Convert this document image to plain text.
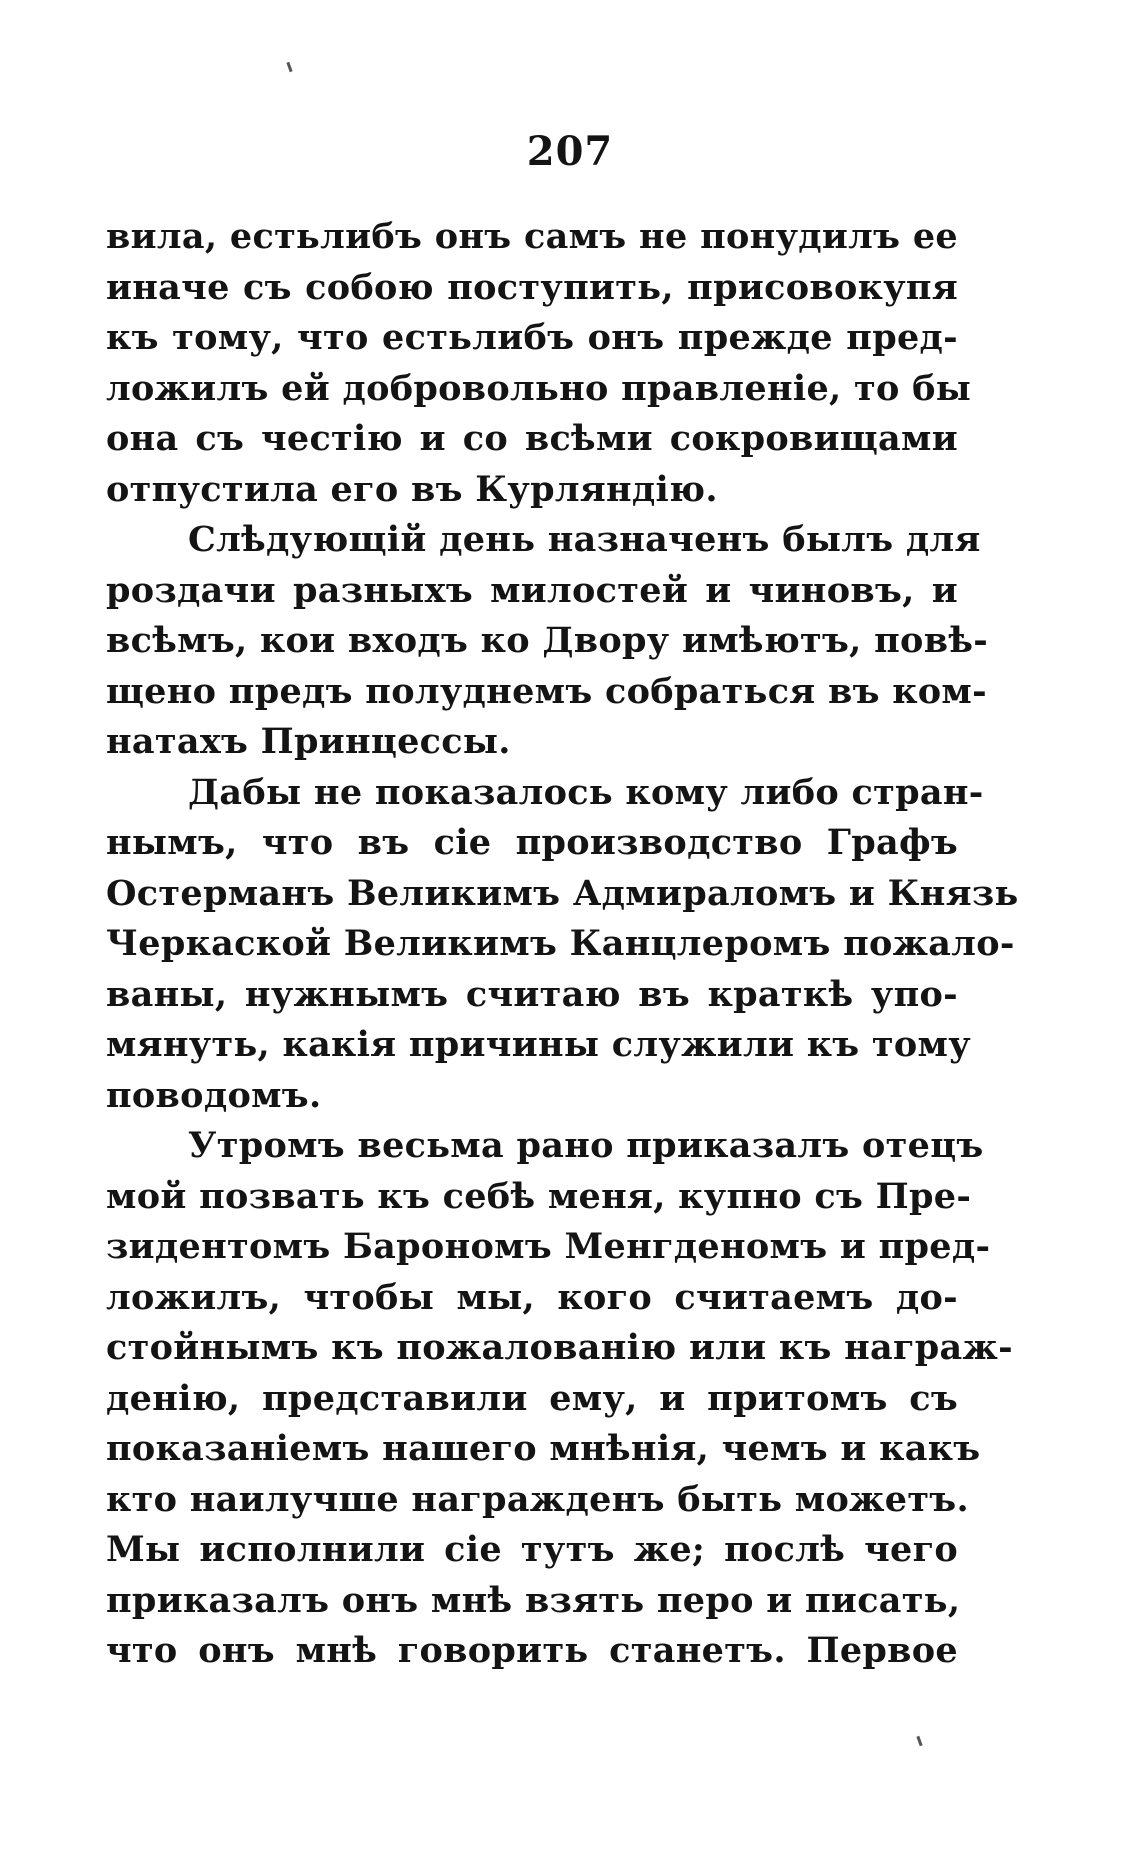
207
вила, естьлибъ онъ самъ не понудилъ ее
иначе съ собою поступить, присовокупя
къ тому, что естьлибъ онъ прежде пред-
ложилъ ей добровольно правленіе, то бы
она съ честію и со всѣми сокровищами
отпустила его въ Курляндію.
Слѣдующій день назначенъ былъ для
роздачи разныхъ милостей и чиновъ, и
всѣмъ, кои входъ ко Двору имѣютъ, повѣ-
щено предъ полуднемъ собраться въ ком-
натахъ Принцессы.
Дабы не показалось кому либо стран-
нымъ, что въ сіе производство Графъ
Остерманъ Великимъ Адмираломъ и Князь
Черкаской Великимъ Канцлеромъ пожало-
ваны, нужнымъ считаю въ краткѣ упо-
мянуть, какія причины служили къ тому
поводомъ.
Утромъ весьма рано приказалъ отецъ
мой позвать къ себѣ меня, купно съ Пре-
зидентомъ Барономъ Менгденомъ и пред-
ложилъ, чтобы мы, кого считаемъ до-
стойнымъ къ пожалованію или къ награж-
денію, представили ему, и притомъ съ
показаніемъ нашего мнѣнія, чемъ и какъ
кто наилучше награжденъ быть можетъ.
Мы исполнили сіе тутъ же; послѣ чего
приказалъ онъ мнѣ взять перо и писать,
что онъ мнѣ говорить станетъ. Первое
